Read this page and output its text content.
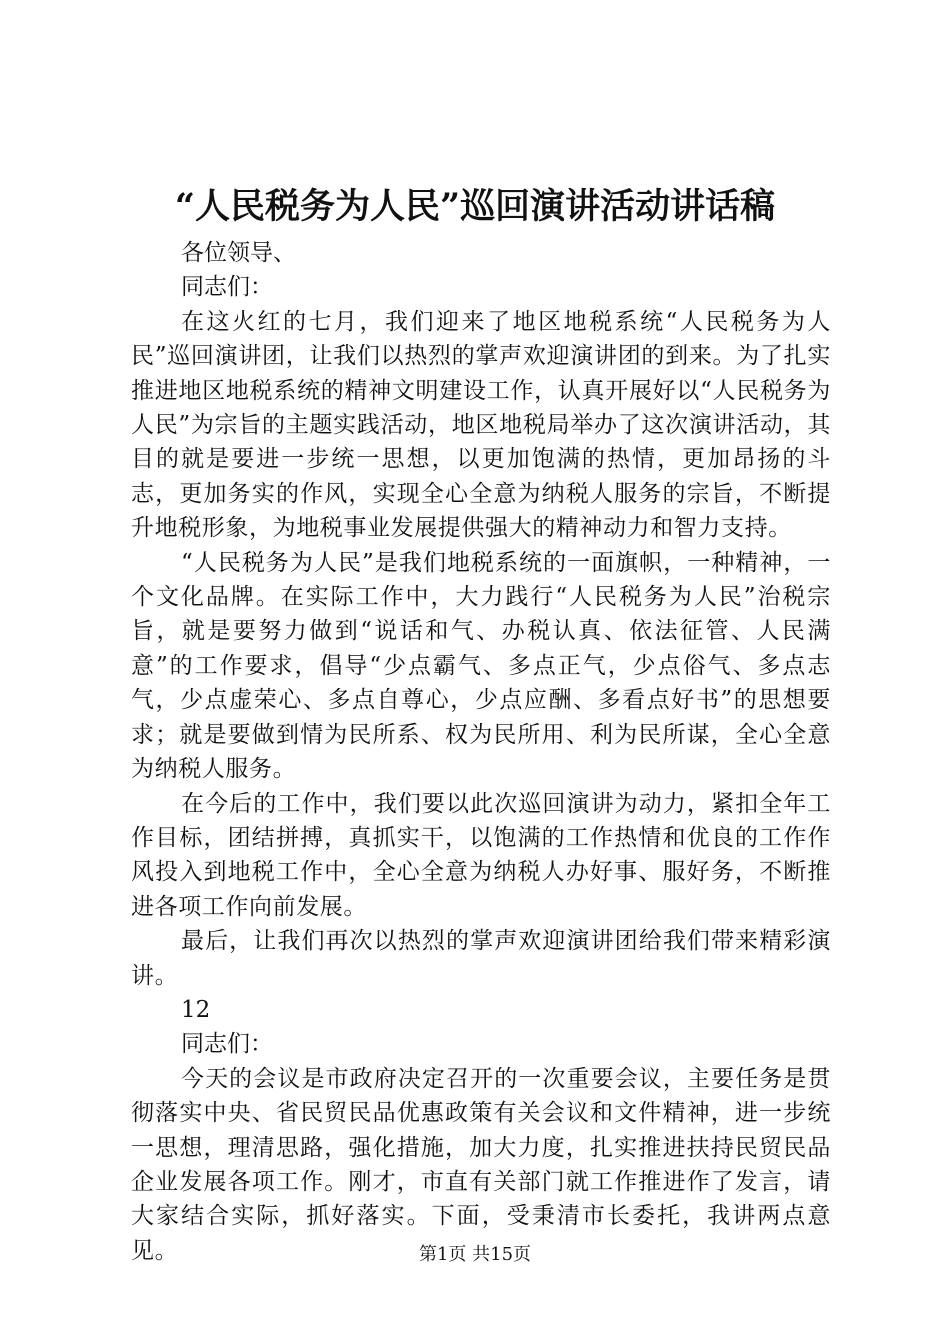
“人民税务为人民”巡回演讲活动讲话稿

各位领导、

同志们：

在这火红的七月，我们迎来了地区地税系统“人民税务为人民”巡回演讲团，让我们以热烈的掌声欢迎演讲团的到来。为了扎实推进地区地税系统的精神文明建设工作，认真开展好以“人民税务为人民”为宗旨的主题实践活动，地区地税局举办了这次演讲活动，其目的就是要进一步统一思想，以更加饱满的热情，更加昂扬的斗志，更加务实的作风，实现全心全意为纳税人服务的宗旨，不断提升地税形象，为地税事业发展提供强大的精神动力和智力支持。

“人民税务为人民”是我们地税系统的一面旗帜，一种精神，一个文化品牌。在实际工作中，大力践行“人民税务为人民”治税宗旨，就是要努力做到“说话和气、办税认真、依法征管、人民满意”的工作要求，倡导“少点霸气、多点正气，少点俗气、多点志气，少点虚荣心、多点自尊心，少点应酬、多看点好书”的思想要求；就是要做到情为民所系、权为民所用、利为民所谋，全心全意为纳税人服务。

在今后的工作中，我们要以此次巡回演讲为动力，紧扣全年工作目标，团结拼搏，真抓实干，以饱满的工作热情和优良的工作作风投入到地税工作中，全心全意为纳税人办好事、服好务，不断推进各项工作向前发展。

最后，让我们再次以热烈的掌声欢迎演讲团给我们带来精彩演讲。

12

同志们：

今天的会议是市政府决定召开的一次重要会议，主要任务是贯彻落实中央、省民贸民品优惠政策有关会议和文件精神，进一步统一思想，理清思路，强化措施，加大力度，扎实推进扶持民贸民品企业发展各项工作。刚才，市直有关部门就工作推进作了发言，请大家结合实际，抓好落实。下面，受秉清市长委托，我讲两点意见。	第1页 共15页
